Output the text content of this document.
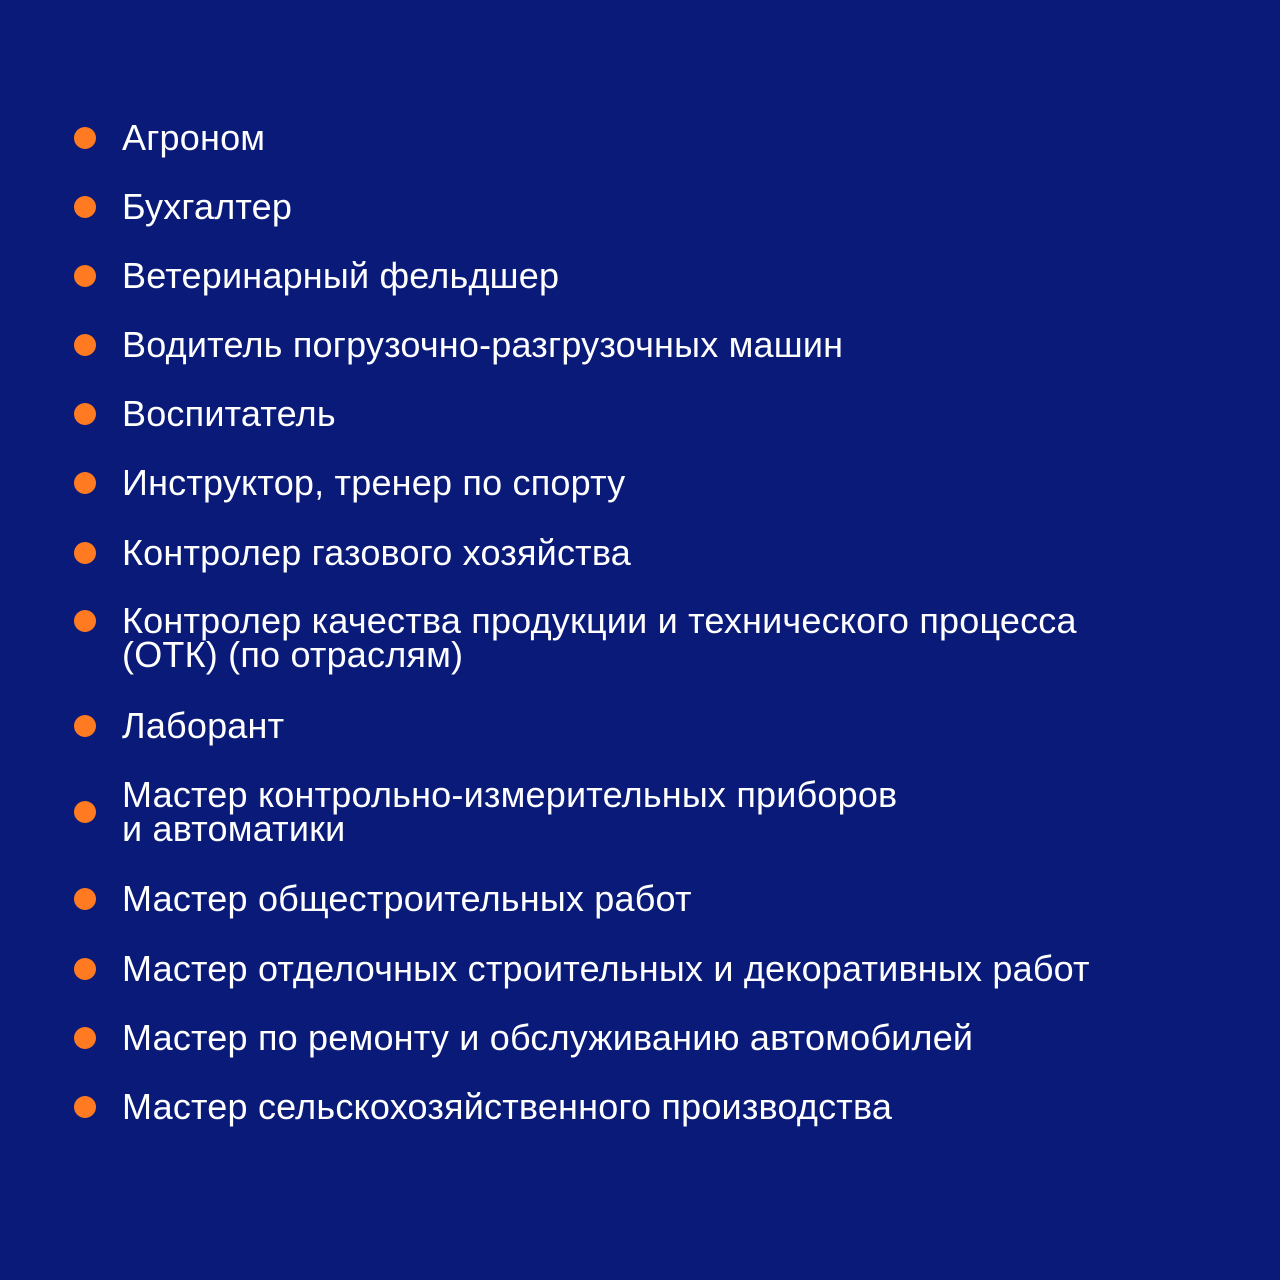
Агроном
Бухгалтер
Ветеринарный фельдшер
Водитель погрузочно-разгрузочных машин
Воспитатель
Инструктор, тренер по спорту
Контролер газового хозяйства
Контролер качества продукции и технического процесса
(ОТК) (по отраслям)
Лаборант
Мастер контрольно-измерительных приборов
и автоматики
Мастер общестроительных работ
Мастер отделочных строительных и декоративных работ
Мастер по ремонту и обслуживанию автомобилей
Мастер сельскохозяйственного производства
